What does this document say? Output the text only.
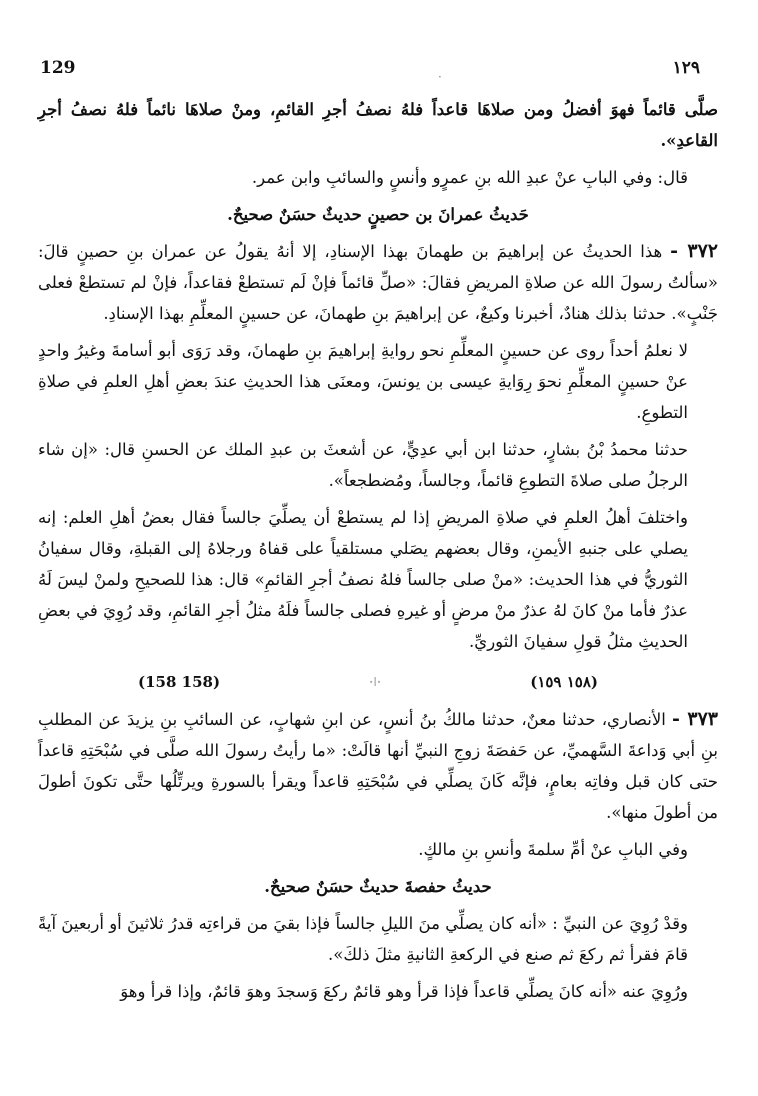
129	·	١٢٩

صلَّى قائماً فهوَ أفضلُ ومن صلاهَا قاعداً فلهُ نصفُ أجرِ القائمِ، ومنْ صلاهَا نائماً فلهُ نصفُ أجرِ القاعدِ».

قال: وفي البابِ عنْ عبدِ الله بنِ عمرٍو وأنسٍ والسائبِ وابن عمر.

حَديثُ عمرانَ بن حصينٍ حديثٌ حسَنٌ صحيحٌ.

٣٧٢ - هذا الحديثُ عن إبراهيمَ بن طهمانَ بهذا الإسنادِ، إلا أنهُ يقولُ عن عمران بنِ حصينٍ قالَ: «سألتُ رسولَ الله عن صلاةِ المريضِ فقالَ: «صلِّ قائماً فإنْ لَم تستطعْ فقاعداً، فإنْ لم تستطعْ فعلى جَنْبٍ». حدثنا بذلك هنادٌ، أخبرنا وكيعٌ، عن إبراهيمَ بنِ طهمانَ، عن حسينٍ المعلِّمِ بهذا الإسنادِ.

لا نعلمُ أحداً روى عن حسينٍ المعلِّمِ نحو روايةِ إبراهيمَ بنِ طهمانَ، وقد رَوَى أبو أسامةَ وغيرُ واحدٍ عنْ حسينٍ المعلِّمِ نحوَ رِوَايةِ عيسى بن يونسَ، ومعنَى هذا الحديثِ عندَ بعضِ أهلِ العلمِ في صلاةِ التطوعِ.

حدثنا محمدُ بْنُ بشارٍ، حدثنا ابن أبي عدِيٍّ، عن أشعثَ بن عبدِ الملك عن الحسنِ قال: «إن شاء الرجلُ صلى صلاةَ التطوعِ قائماً، وجالساً، ومُضطجعاً».

واختلفَ أهلُ العلمِ في صلاةِ المريضِ إذا لم يستطعْ أن يصلِّيَ جالساً فقال بعضُ أهلِ العلم: إنه يصلي على جنبهِ الأيمنِ، وقال بعضهم يصَلي مستلقياً على قفاهُ ورجلاهُ إلى القبلةِ، وقال سفيانُ الثوريُّ في هذا الحديث: «منْ صلى جالساً فلهُ نصفُ أجرِ القائمِ» قال: هذا للصحيحِ ولمنْ ليسَ لَهُ عذرٌ فأما منْ كانَ لهُ عذرٌ منْ مرضٍ أو غيرهِ فصلى جالساً فلَهُ مثلُ أجرِ القائمِ، وقد رُوِيَ في بعضِ الحديثِ مثلُ قولِ سفيانَ الثوريِّ.

(158 158)	·ǀ·	(١٥٨ ١٥٩)

٣٧٣ - الأنصاري، حدثنا معنٌ، حدثنا مالكُ بنُ أنسٍ، عن ابنِ شهابٍ، عن السائبِ بنِ يزيدَ عن المطلبِ بنِ أبي وَداعةَ السَّهميِّ، عن حَفصَةَ زوجِ النبيِّ أنها قالَتْ: «ما رأيتُ رسولَ الله صلَّى في سُبْحَتِهِ قاعداً حتى كان قبل وفاتِه بعامٍ، فإنَّه كَانَ يصلِّي في سُبْحَتِهِ قاعداً ويقرأ بالسورةِ ويرتِّلُها حتَّى تكونَ أطولَ من أطولَ منها».

وفي البابِ عنْ أمِّ سلمةَ وأنسِ بنِ مالكٍ.

حديثُ حفصةَ حديثٌ حسَنٌ صحيحٌ.

وقدْ رُوِيَ عن النبيِّ : «أنه كان يصلِّي منَ الليلِ جالساً فإذا بقيَ من قراءتِه قدرُ ثلاثينَ أو أربعينَ آيةً قامَ فقرأ ثم ركعَ ثم صنع في الركعةِ الثانيةِ مثلَ ذلكَ».

ورُوِيَ عنه «أنه كانَ يصلِّي قاعداً فإذا قرأ وهو قائمٌ ركعَ وَسجدَ وهوَ قائمٌ، وإذا قرأ وهوَ
